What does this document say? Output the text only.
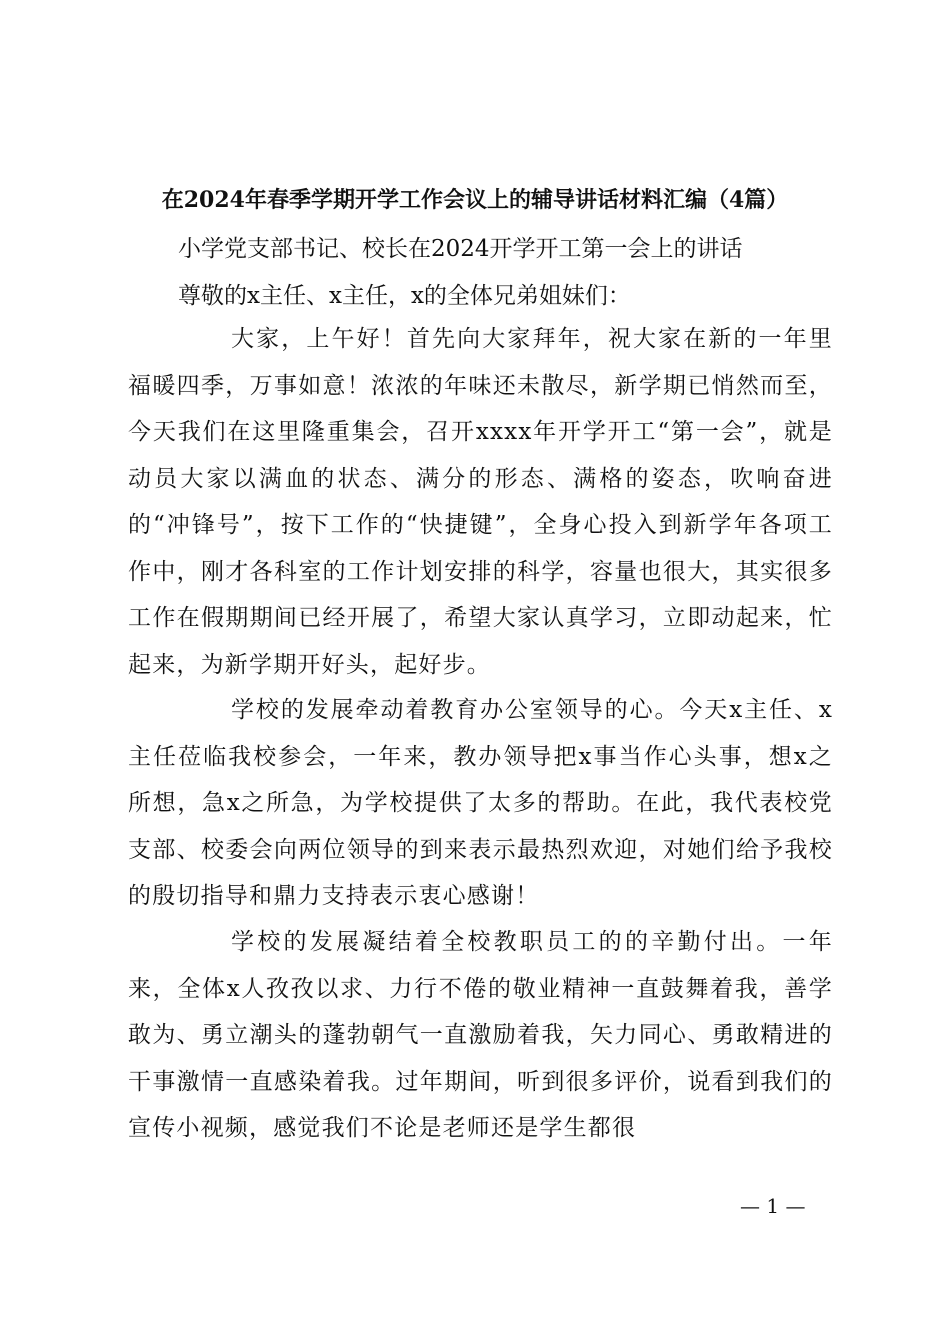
在2024年春季学期开学工作会议上的辅导讲话材料汇编（4篇）
小学党支部书记、校长在2024开学开工第一会上的讲话
尊敬的x主任、x主任，x的全体兄弟姐妹们：

大家，上午好！首先向大家拜年，祝大家在新的一年里福暖四季，万事如意！浓浓的年味还未散尽，新学期已悄然而至，今天我们在这里隆重集会，召开xxxx年开学开工“第一会”，就是动员大家以满血的状态、满分的形态、满格的姿态，吹响奋进的“冲锋号”，按下工作的“快捷键”，全身心投入到新学年各项工作中，刚才各科室的工作计划安排的科学，容量也很大，其实很多工作在假期期间已经开展了，希望大家认真学习，立即动起来，忙起来，为新学期开好头，起好步。

学校的发展牵动着教育办公室领导的心。今天x主任、x主任莅临我校参会，一年来，教办领导把x事当作心头事，想x之所想，急x之所急，为学校提供了太多的帮助。在此，我代表校党支部、校委会向两位领导的到来表示最热烈欢迎，对她们给予我校的殷切指导和鼎力支持表示衷心感谢！

学校的发展凝结着全校教职员工的的辛勤付出。一年来，全体x人孜孜以求、力行不倦的敬业精神一直鼓舞着我，善学敢为、勇立潮头的蓬勃朝气一直激励着我，矢力同心、勇敢精进的干事激情一直感染着我。过年期间，听到很多评价，说看到我们的宣传小视频，感觉我们不论是老师还是学生都很

— 1 —
